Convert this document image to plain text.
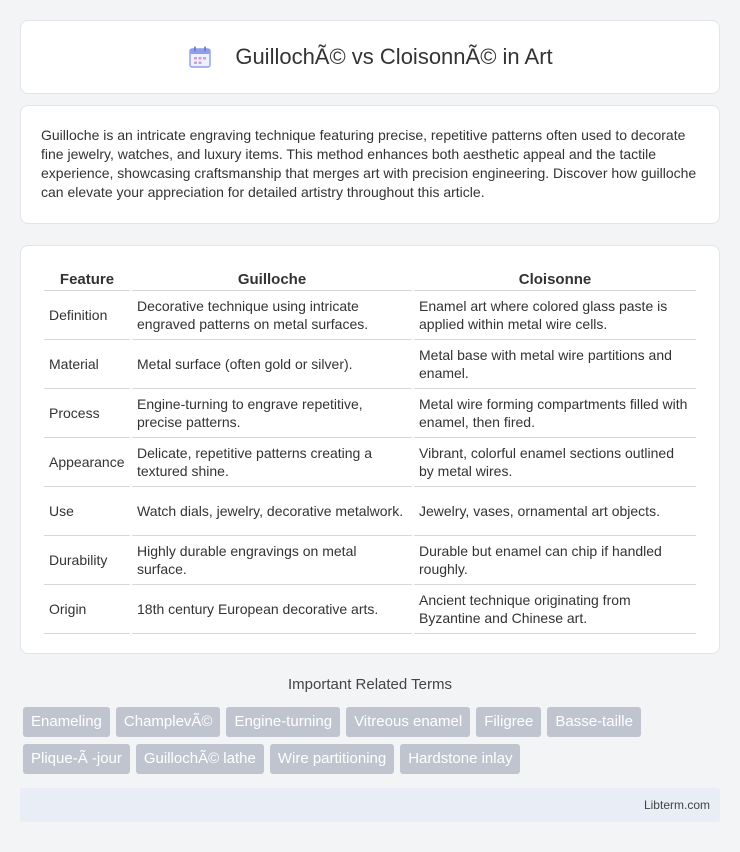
GuillochÃ© vs CloisonnÃ© in Art

Guilloche is an intricate engraving technique featuring precise, repetitive patterns often used to decorate fine jewelry, watches, and luxury items. This method enhances both aesthetic appeal and the tactile experience, showcasing craftsmanship that merges art with precision engineering. Discover how guilloche can elevate your appreciation for detailed artistry throughout this article.

Feature	Guilloche	Cloisonne
Definition	Decorative technique using intricate engraved patterns on metal surfaces.	Enamel art where colored glass paste is applied within metal wire cells.
Material	Metal surface (often gold or silver).	Metal base with metal wire partitions and enamel.
Process	Engine-turning to engrave repetitive, precise patterns.	Metal wire forming compartments filled with enamel, then fired.
Appearance	Delicate, repetitive patterns creating a textured shine.	Vibrant, colorful enamel sections outlined by metal wires.
Use	Watch dials, jewelry, decorative metalwork.	Jewelry, vases, ornamental art objects.
Durability	Highly durable engravings on metal surface.	Durable but enamel can chip if handled roughly.
Origin	18th century European decorative arts.	Ancient technique originating from Byzantine and Chinese art.
Important Related Terms
Enameling	ChamplevÃ©	Engine-turning	Vitreous enamel	Filigree	Basse-taille
Plique-Ã -jour	GuillochÃ© lathe	Wire partitioning	Hardstone inlay
Libterm.com
